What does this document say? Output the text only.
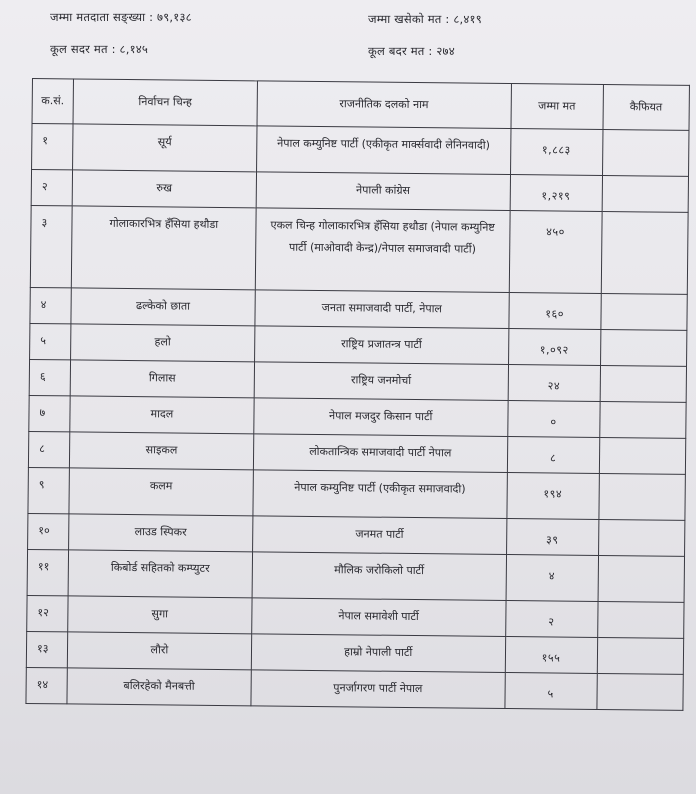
जम्मा मतदाता सङ्ख्या : ७९,१३८	जम्मा खसेको मत : ८,४१९
कूल सदर मत : ८,१४५	कूल बदर मत : २७४
क.सं.	निर्वाचन चिन्ह	राजनीतिक दलको नाम	जम्मा मत	कैफियत
१	सूर्य	नेपाल कम्युनिष्ट पार्टी (एकीकृत मार्क्सवादी लेनिनवादी)	१,८८३	
२	रुख	नेपाली कांग्रेस	१,२१९	
३	गोलाकारभित्र हँसिया हथौडा	एकल चिन्ह गोलाकारभित्र हँसिया हथौडा (नेपाल कम्युनिष्ट पार्टी (माओवादी केन्द्र)/नेपाल समाजवादी पार्टी)	४५०	
४	ढल्केको छाता	जनता समाजवादी पार्टी, नेपाल	१६०	
५	हलो	राष्ट्रिय प्रजातन्त्र पार्टी	१,०९२	
६	गिलास	राष्ट्रिय जनमोर्चा	२४	
७	मादल	नेपाल मजदुर किसान पार्टी	०	
८	साइकल	लोकतान्त्रिक समाजवादी पार्टी नेपाल	८	
९	कलम	नेपाल कम्युनिष्ट पार्टी (एकीकृत समाजवादी)	१९४	
१०	लाउड स्पिकर	जनमत पार्टी	३९	
११	किबोर्ड सहितको कम्प्युटर	मौलिक जरोकिलो पार्टी	४	
१२	सुगा	नेपाल समावेशी पार्टी	२	
१३	लौरो	हाम्रो नेपाली पार्टी	१५५	
१४	बलिरहेको मैनबत्ती	पुनर्जागरण पार्टी नेपाल	५	
